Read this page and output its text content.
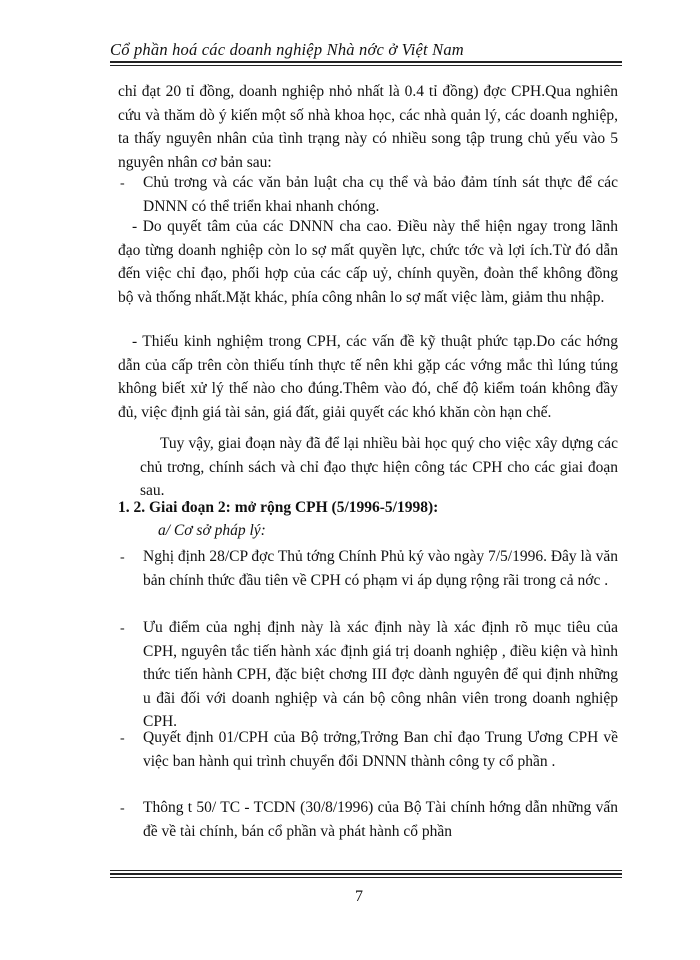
Cổ phần hoá các doanh nghiệp Nhà nớc ở Việt Nam
chỉ đạt 20 tỉ đồng, doanh nghiệp nhỏ nhất là 0.4 tỉ đồng) đợc CPH.Qua nghiên cứu và thăm dò ý kiến một số nhà khoa học, các nhà quản lý, các doanh nghiệp, ta thấy nguyên nhân của tình trạng này có nhiều song tập trung chủ yếu vào 5 nguyên nhân cơ bản sau:
- Chủ trơng và các văn bản luật cha cụ thể và bảo đảm tính sát thực để các DNNN có thể triển khai nhanh chóng.
- Do quyết tâm của các DNNN cha cao. Điều này thể hiện ngay trong lãnh đạo từng doanh nghiệp còn lo sợ mất quyền lực, chức tớc và lợi ích.Từ đó dẫn đến việc chỉ đạo, phối hợp của các cấp uỷ, chính quyền, đoàn thể không đồng bộ và thống nhất.Mặt khác, phía công nhân lo sợ mất việc làm, giảm thu nhập.
- Thiếu kinh nghiệm trong CPH, các vấn đề kỹ thuật phức tạp.Do các hớng dẫn của cấp trên còn thiếu tính thực tế nên khi gặp các vớng mắc thì lúng túng không biết xử lý thế nào cho đúng.Thêm vào đó, chế độ kiểm toán không đầy đủ, việc định giá tài sản, giá đất, giải quyết các khó khăn còn hạn chế.
Tuy vậy, giai đoạn này đã để lại nhiều bài học quý cho việc xây dựng các chủ trơng, chính sách và chỉ đạo thực hiện công tác CPH cho các giai đoạn sau.
1. 2. Giai đoạn 2: mở rộng CPH (5/1996-5/1998):
a/ Cơ sở pháp lý:
- Nghị định 28/CP đợc Thủ tớng Chính Phủ ký vào ngày 7/5/1996. Đây là văn bản chính thức đầu tiên về CPH có phạm vi áp dụng rộng rãi trong cả nớc .
- Ưu điểm của nghị định này là xác định này là xác định rõ mục tiêu của CPH, nguyên tắc tiến hành xác định giá trị doanh nghiệp , điều kiện và hình thức tiến hành CPH, đặc biệt chơng III đợc dành nguyên để qui định những u đãi đối với doanh nghiệp và cán bộ công nhân viên trong doanh nghiệp CPH.
- Quyết định 01/CPH của Bộ trởng,Trởng Ban chỉ đạo Trung Ương CPH về việc ban hành qui trình chuyển đổi DNNN thành công ty cổ phần .
- Thông t 50/ TC - TCDN (30/8/1996) của Bộ Tài chính hớng dẫn những vấn đề về tài chính, bán cổ phần và phát hành cổ phần
7
